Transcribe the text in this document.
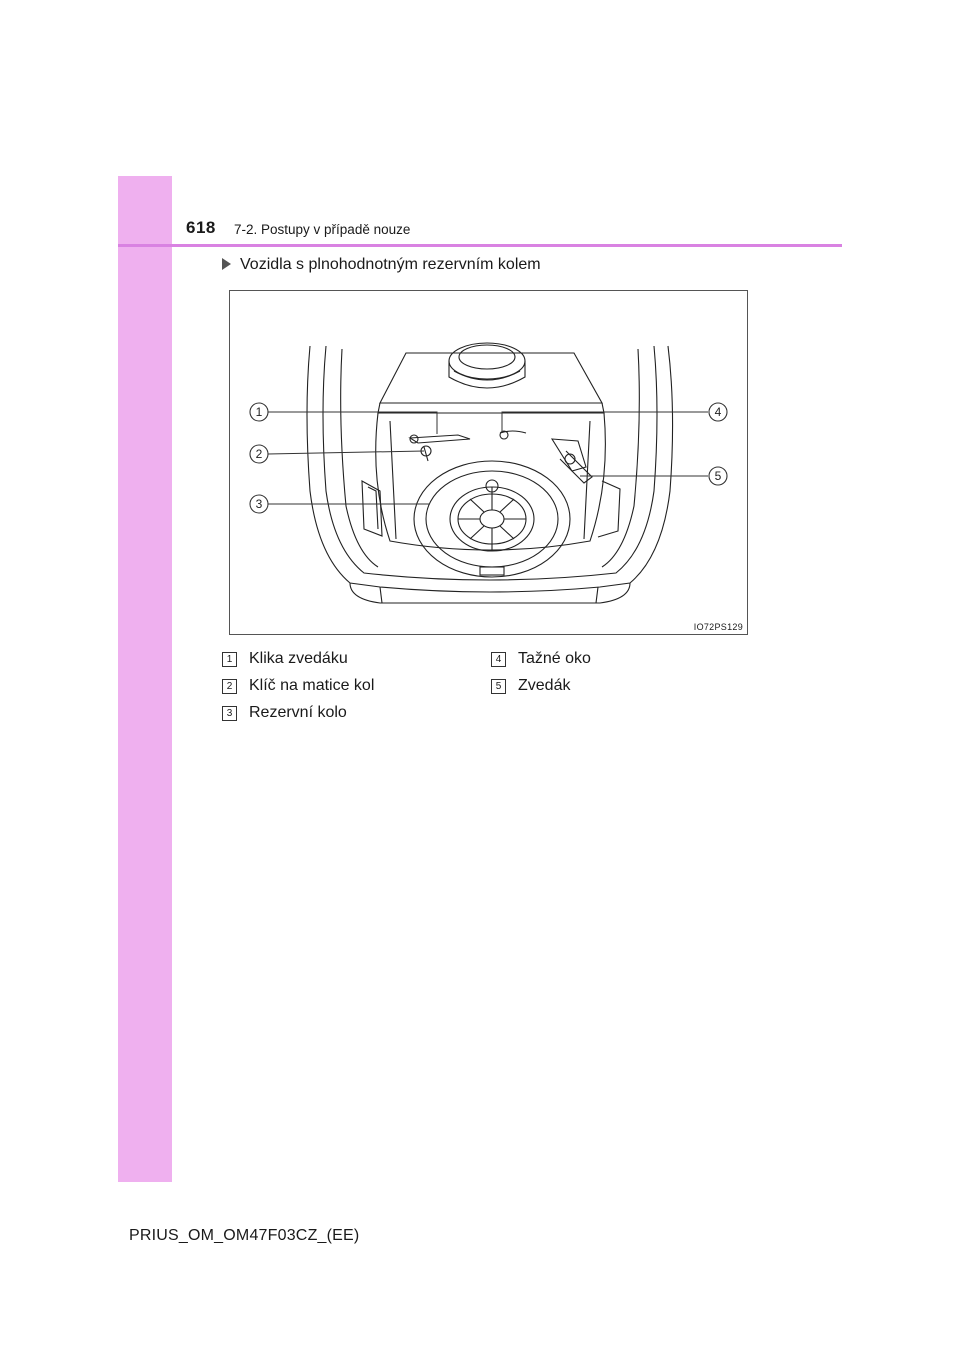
618 7-2. Postupy v případě nouze
Vozidla s plnohodnotným rezervním kolem
1
2
3
4
5
IO72PS129
1 Klika zvedáku
2 Klíč na matice kol
3 Rezervní kolo
4 Tažné oko
5 Zvedák
PRIUS_OM_OM47F03CZ_(EE)
